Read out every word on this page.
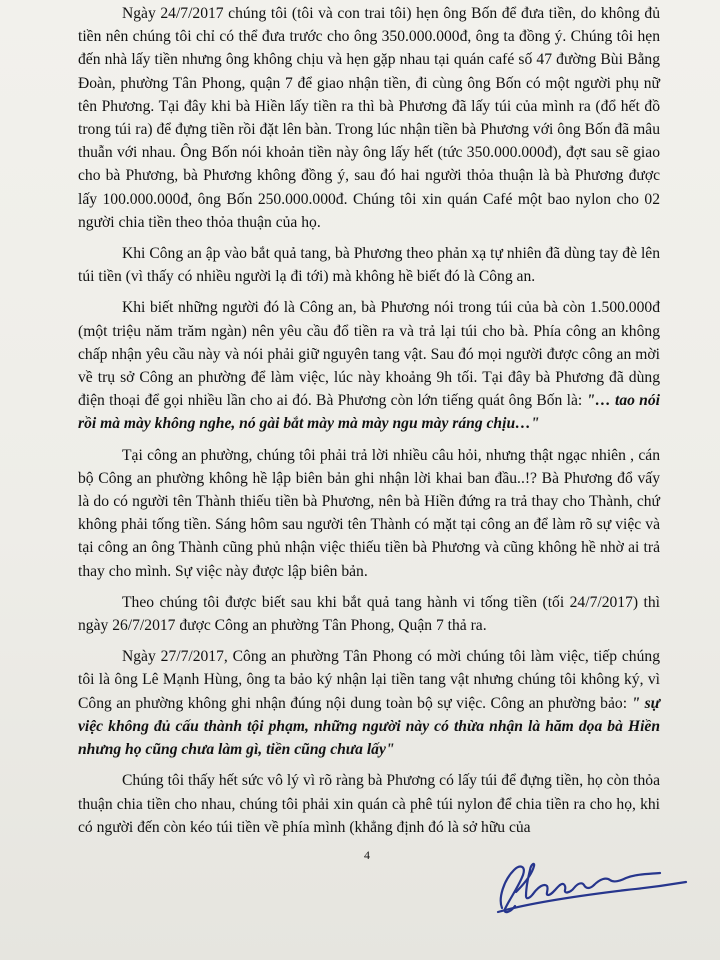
Ngày 24/7/2017 chúng tôi (tôi và con trai tôi) hẹn ông Bốn để đưa tiền, do không đủ tiền nên chúng tôi chỉ có thể đưa trước cho ông 350.000.000đ, ông ta đồng ý. Chúng tôi hẹn đến nhà lấy tiền nhưng ông không chịu và hẹn gặp nhau tại quán café số 47 đường Bùi Bằng Đoàn, phường Tân Phong, quận 7 để giao nhận tiền, đi cùng ông Bốn có một người phụ nữ tên Phương. Tại đây khi bà Hiền lấy tiền ra thì bà Phương đã lấy túi của mình ra (đổ hết đồ trong túi ra) để đựng tiền rồi đặt lên bàn. Trong lúc nhận tiền bà Phương với ông Bốn đã mâu thuẫn với nhau. Ông Bốn nói khoản tiền này ông lấy hết (tức 350.000.000đ), đợt sau sẽ giao cho bà Phương, bà Phương không đồng ý, sau đó hai người thỏa thuận là bà Phương được lấy 100.000.000đ, ông Bốn 250.000.000đ. Chúng tôi xin quán Café một bao nylon cho 02 người chia tiền theo thỏa thuận của họ.

Khi Công an ập vào bắt quả tang, bà Phương theo phản xạ tự nhiên đã dùng tay đè lên túi tiền (vì thấy có nhiều người lạ đi tới) mà không hề biết đó là Công an.

Khi biết những người đó là Công an, bà Phương nói trong túi của bà còn 1.500.000đ (một triệu năm trăm ngàn) nên yêu cầu đổ tiền ra và trả lại túi cho bà. Phía công an không chấp nhận yêu cầu này và nói phải giữ nguyên tang vật. Sau đó mọi người được công an mời về trụ sở Công an phường để làm việc, lúc này khoảng 9h tối. Tại đây bà Phương đã dùng điện thoại để gọi nhiều lần cho ai đó. Bà Phương còn lớn tiếng quát ông Bốn là: "… tao nói rồi mà mày không nghe, nó gài bắt mày mà mày ngu mày ráng chịu…"

Tại công an phường, chúng tôi phải trả lời nhiều câu hỏi, nhưng thật ngạc nhiên , cán bộ Công an phường không hề lập biên bản ghi nhận lời khai ban đầu..!? Bà Phương đổ vấy là do có người tên Thành thiếu tiền bà Phương, nên bà Hiền đứng ra trả thay cho Thành, chứ không phải tống tiền. Sáng hôm sau người tên Thành có mặt tại công an để làm rõ sự việc và tại công an ông Thành cũng phủ nhận việc thiếu tiền bà Phương và cũng không hề nhờ ai trả thay cho mình. Sự việc này được lập biên bản.

Theo chúng tôi được biết sau khi bắt quả tang hành vi tống tiền (tối 24/7/2017) thì ngày 26/7/2017 được Công an phường Tân Phong, Quận 7 thả ra.

Ngày 27/7/2017, Công an phường Tân Phong có mời chúng tôi làm việc, tiếp chúng tôi là ông Lê Mạnh Hùng, ông ta bảo ký nhận lại tiền tang vật nhưng chúng tôi không ký, vì Công an phường không ghi nhận đúng nội dung toàn bộ sự việc. Công an phường bảo: " sự việc không đủ cấu thành tội phạm, những người này có thừa nhận là hăm dọa bà Hiền nhưng họ cũng chưa làm gì, tiền cũng chưa lấy"

Chúng tôi thấy hết sức vô lý vì rõ ràng bà Phương có lấy túi để đựng tiền, họ còn thỏa thuận chia tiền cho nhau, chúng tôi phải xin quán cà phê túi nylon để chia tiền ra cho họ, khi có người đến còn kéo túi tiền về phía mình (khẳng định đó là sở hữu của

4
